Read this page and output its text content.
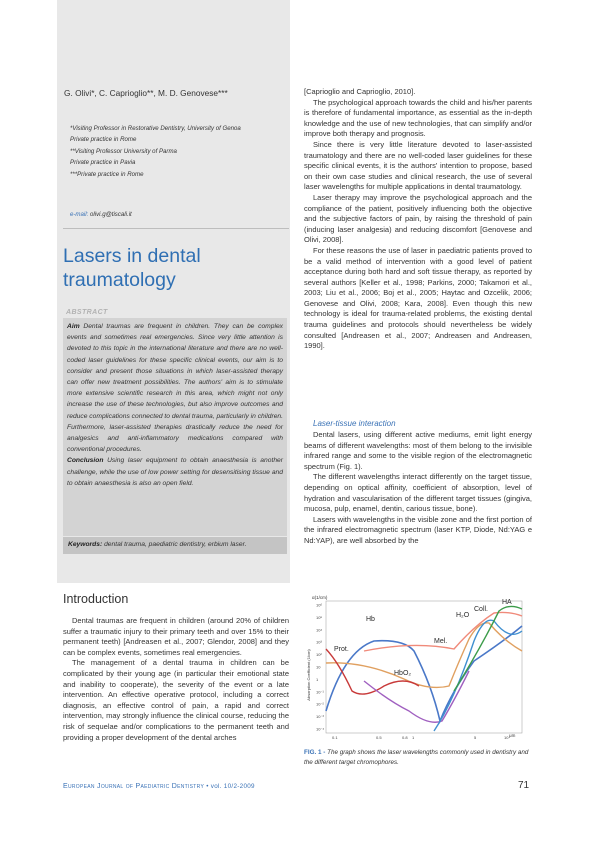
G. Olivi*, C. Caprioglio**, M. D. Genovese***
*Visiting Professor in Restorative Dentistry, University of Genoa
Private practice in Rome
**Visiting Professor University of Parma
Private practice in Pavia
***Private practice in Rome
e-mail: olivi.g@tiscali.it
Lasers in dental traumatology
ABSTRACT

Aim Dental traumas are frequent in children. They can be complex events and sometimes real emergencies. Since very little attention is devoted to this topic in the international literature and there are no well-coded laser guidelines for these specific clinical events, our aim is to consider and present those situations in which laser-assisted therapy can offer new treatment possibilities. The authors' aim is to stimulate more extensive scientific research in this area, which might not only increase the use of these technologies, but also improve outcomes and reduce complications connected to dental trauma, particularly in children. Furthermore, laser-assisted therapies drastically reduce the need for analgesics and anti-inflammatory medications compared with conventional procedures.

Conclusion Using laser equipment to obtain anaesthesia is another challenge, while the use of low power setting for desensitising tissue and to obtain anaesthesia is also an open field.

Keywords: dental trauma, paediatric dentistry, erbium laser.

[Caprioglio and Caprioglio, 2010].

The psychological approach towards the child and his/her parents is therefore of fundamental importance, as essential as the in-depth knowledge and the use of new technologies, that can simplify and/or improve both therapy and prognosis.

Since there is very little literature devoted to laser-assisted traumatology and there are no well-coded laser guidelines for these specific clinical events, it is the authors' intention to propose, based on their own case studies and clinical research, the use of several laser wavelengths for multiple applications in dental traumatology.

Laser therapy may improve the psychological approach and the compliance of the patient, positively influencing both the objective and the subjective factors of pain, by raising the threshold of pain (inducing laser analgesia) and reducing discomfort [Genovese and Olivi, 2008].

For these reasons the use of laser in paediatric patients proved to be a valid method of intervention with a good level of patient acceptance during both hard and soft tissue therapy, as reported by several authors [Keller et al., 1998; Parkins, 2000; Takamori et al., 2003; Liu et al., 2006; Boj et al., 2005; Haytac and Ozcelik, 2006; Genovese and Olivi, 2008; Kara, 2008]. Even though this new technology is ideal for trauma-related problems, the existing dental trauma guidelines and protocols should nevertheless be widely consulted [Andreasen et al., 2007; Andreasen and Andreasen, 1990].

Laser-tissue interaction

Dental lasers, using different active mediums, emit light energy beams of different wavelengths: most of them belong to the invisible infrared range and some to the visible region of the electromagnetic spectrum (Fig. 1).

The different wavelengths interact differently on the target tissue, depending on optical affinity, coefficient of absorption, level of hydration and vascularisation of the different target tissues (gingiva, mucosa, pulp, enamel, dentin, carious tissue, bone).

Lasers with wavelengths in the visible zone and the first portion of the infrared electromagnetic spectrum (laser KTP, Diode, Nd:YAG e Nd:YAP), are well absorbed by the

Introduction

Dental traumas are frequent in children (around 20% of children suffer a traumatic injury to their primary teeth and over 15% to their permanent teeth) [Andreasen et al., 2007; Glendor, 2008] and they can be complex events, sometimes real emergencies.

The management of a dental trauma in children can be complicated by their young age (in particular their emotional state and inability to cooperate), the severity of the event or a late intervention. An effective operative protocol, including a correct diagnosis, an effective control of pain, a rapid and correct intervention, may strongly influence the clinical course, reducing the risk of sequelae and/or complications to the permanent teeth and providing a proper development of the dental arches

α(1/cm)
Absorption Coefficient (1/cm)
10⁶
10⁵
10⁴
10³
10²
10
1
10⁻¹
10⁻²
10⁻³
10⁻⁴
0.1	0.5	0.8 1	5	10 μm
Hb
H₂O
Coll.
HA
Mel.
Prot.
HbO₂
FIG. 1 - The graph shows the laser wavelengths commonly used in dentistry and the different target chromophores.
European Journal of Paediatric Dentistry • vol. 10/2-2009	71
